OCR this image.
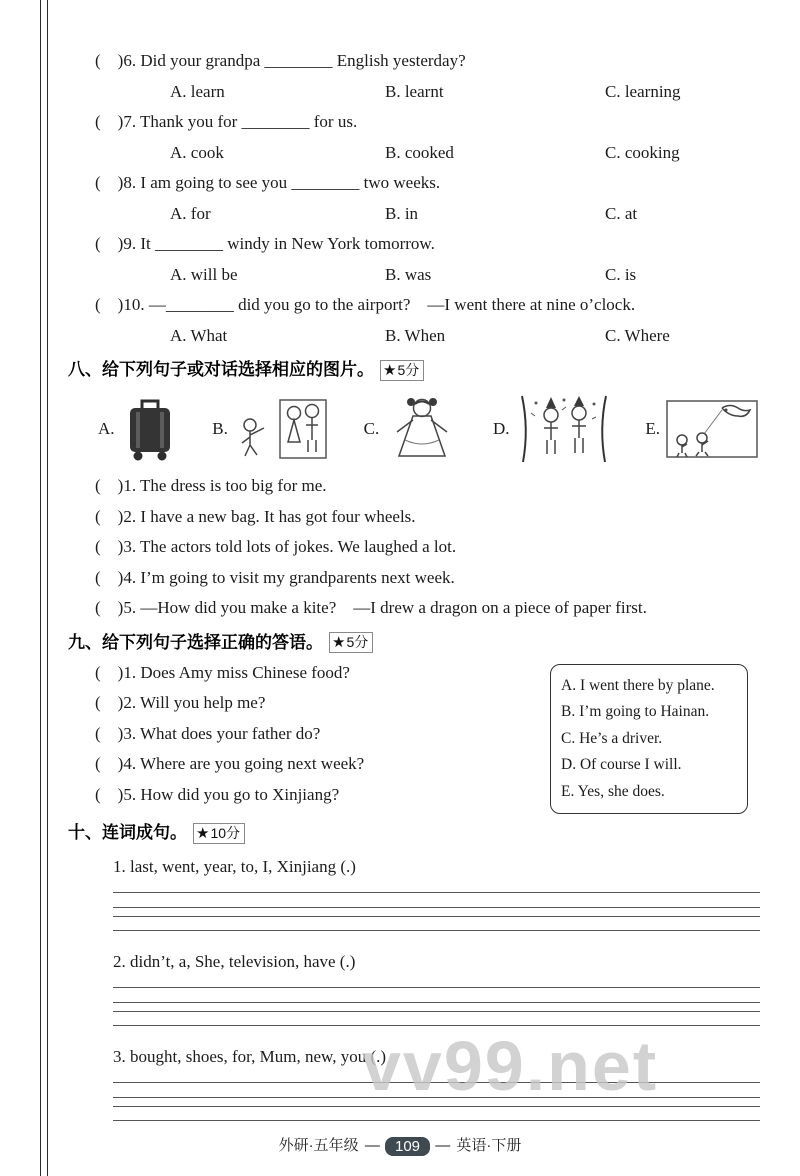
(    )6. Did your grandpa ________ English yesterday?
A. learn	B. learnt	C. learning
(    )7. Thank you for ________ for us.
A. cook	B. cooked	C. cooking
(    )8. I am going to see you ________ two weeks.
A. for	B. in	C. at
(    )9. It ________ windy in New York tomorrow.
A. will be	B. was	C. is
(    )10. —________ did you go to the airport?    —I went there at nine o’clock.
A. What	B. When	C. Where
八、给下列句子或对话选择相应的图片。 ★ 5分
A.	B.	C.	D.	E.
(    )1. The dress is too big for me.
(    )2. I have a new bag. It has got four wheels.
(    )3. The actors told lots of jokes. We laughed a lot.
(    )4. I’m going to visit my grandparents next week.
(    )5. —How did you make a kite?    —I drew a dragon on a piece of paper first.
九、给下列句子选择正确的答语。 ★ 5分
(    )1. Does Amy miss Chinese food?
(    )2. Will you help me?
(    )3. What does your father do?
(    )4. Where are you going next week?
(    )5. How did you go to Xinjiang?
A. I went there by plane.
B. I’m going to Hainan.
C. He’s a driver.
D. Of course I will.
E. Yes, she does.
十、连词成句。 ★ 10分
1. last, went, year, to, I, Xinjiang (.)
2. didn’t, a, She, television, have (.)
3. bought, shoes, for, Mum, new, you (.)
vv99.net
外研·五年级 — 109 — 英语·下册
